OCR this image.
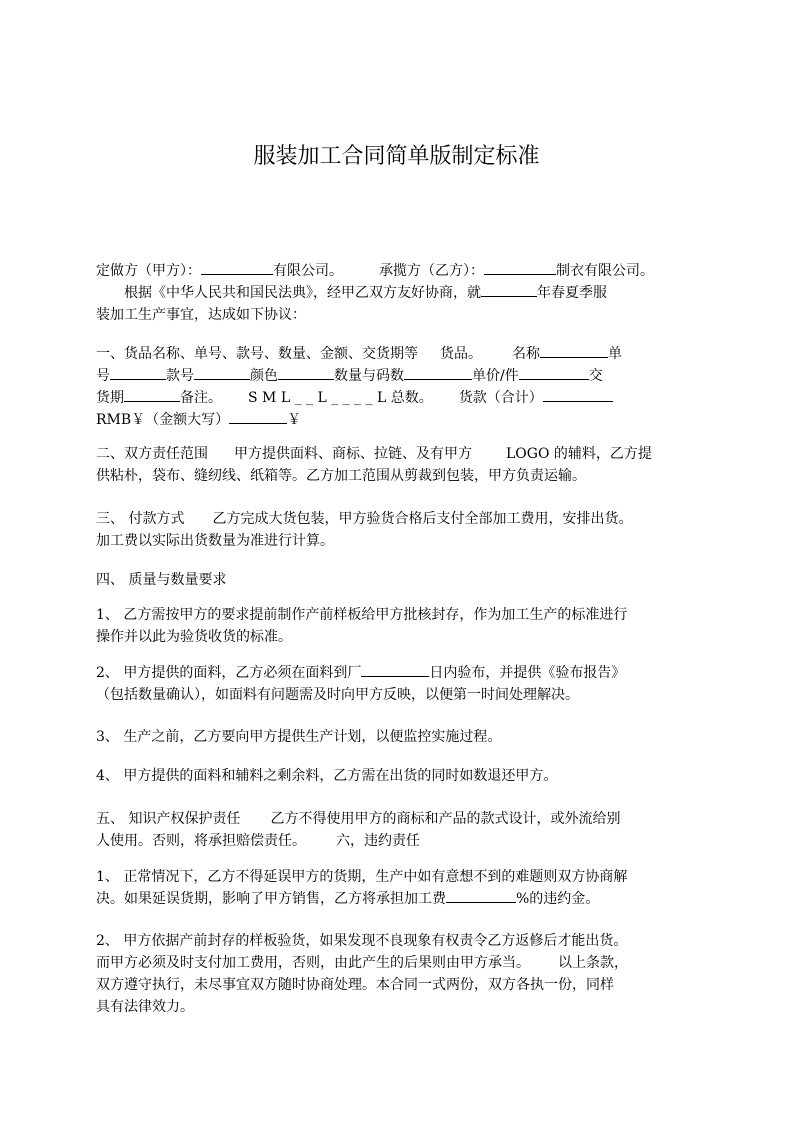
服装加工合同简单版制定标准
定做方（甲方）：	有限公司。	承揽方（乙方）：	制衣有限公司。
根据《中华人民共和国民法典》，经甲乙双方友好协商，就	年春夏季服
装加工生产事宜，达成如下协议：
一、货品名称、单号、款号、数量、金额、交货期等 货品。 名称	单
号	款号	颜色	数量与码数	单价/件	交
货期	备注。 S M L _ _ L _ _ _ _ L 总数。 货款（合计）
RMB￥（金额大写）	￥
二、双方责任范围 甲方提供面料、商标、拉链、及有甲方 LOGO 的辅料，乙方提
供粘朴，袋布、缝纫线、纸箱等。乙方加工范围从剪裁到包装，甲方负责运输。
三、 付款方式 乙方完成大货包装，甲方验货合格后支付全部加工费用，安排出货。
加工费以实际出货数量为准进行计算。
四、 质量与数量要求
1、 乙方需按甲方的要求提前制作产前样板给甲方批核封存，作为加工生产的标准进行
操作并以此为验货收货的标准。
2、 甲方提供的面料，乙方必须在面料到厂	日内验布，并提供《验布报告》
（包括数量确认），如面料有问题需及时向甲方反映，以便第一时间处理解决。
3、 生产之前，乙方要向甲方提供生产计划，以便监控实施过程。
4、 甲方提供的面料和辅料之剩余料，乙方需在出货的同时如数退还甲方。
五、 知识产权保护责任 乙方不得使用甲方的商标和产品的款式设计，或外流给别
人使用。否则，将承担赔偿责任。 六，违约责任
1、 正常情况下，乙方不得延误甲方的货期，生产中如有意想不到的难题则双方协商解
决。如果延误货期，影响了甲方销售，乙方将承担加工费	%的违约金。
2、 甲方依据产前封存的样板验货，如果发现不良现象有权责令乙方返修后才能出货。
而甲方必须及时支付加工费用，否则，由此产生的后果则由甲方承当。 以上条款，
双方遵守执行，未尽事宜双方随时协商处理。本合同一式两份，双方各执一份，同样
具有法律效力。
